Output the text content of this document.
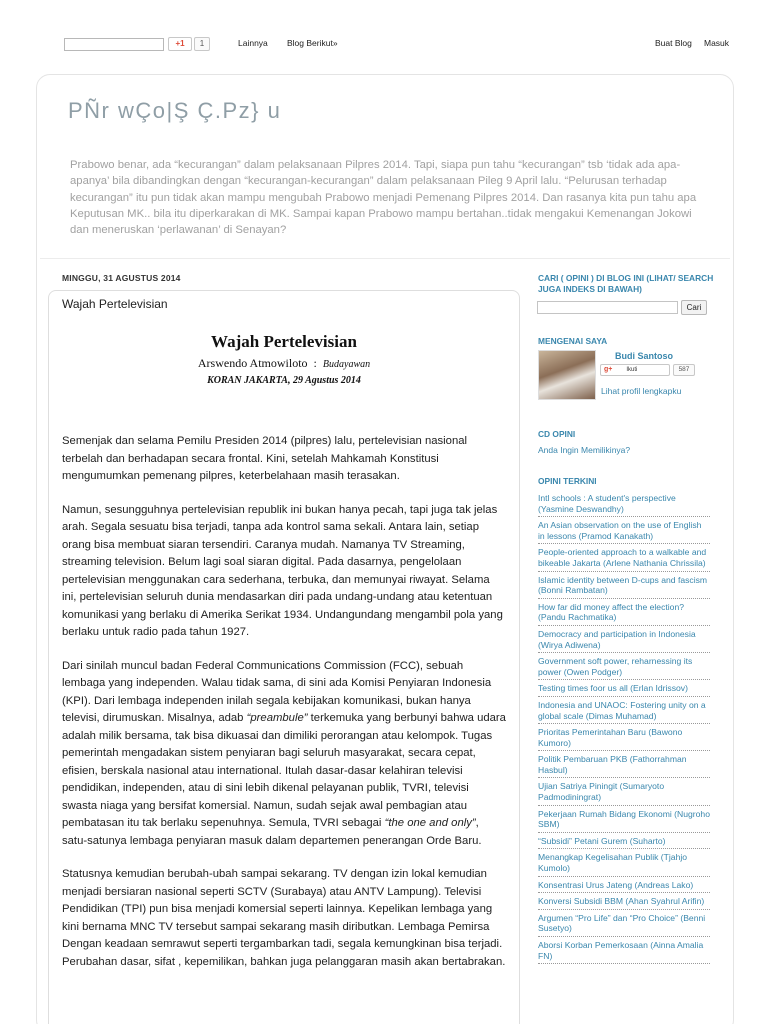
+1	1	Lainnya Blog Berikut»	Buat Blog Masuk
PÑr wÇo|Ş Ç.Pz} u
Prabowo benar, ada “kecurangan” dalam pelaksanaan Pilpres 2014. Tapi, siapa pun tahu “kecurangan” tsb ‘tidak ada apa-apanya’ bila dibandingkan dengan “kecurangan-kecurangan” dalam pelaksanaan Pileg 9 April lalu. “Pelurusan terhadap kecurangan” itu pun tidak akan mampu mengubah Prabowo menjadi Pemenang Pilpres 2014. Dan rasanya kita pun tahu apa Keputusan MK.. bila itu diperkarakan di MK. Sampai kapan Prabowo mampu bertahan..tidak mengakui Kemenangan Jokowi dan meneruskan ‘perlawanan’ di Senayan?
MINGGU, 31 AGUSTUS 2014
Wajah Pertelevisian
Wajah Pertelevisian
Arswendo Atmowiloto : Budayawan
KORAN JAKARTA, 29 Agustus 2014

Semenjak dan selama Pemilu Presiden 2014 (pilpres) lalu, pertelevisian nasional terbelah dan berhadapan secara frontal. Kini, setelah Mahkamah Konstitusi mengumumkan pemenang pilpres, keterbelahaan masih terasakan.

Namun, sesungguhnya pertelevisian republik ini bukan hanya pecah, tapi juga tak jelas arah. Segala sesuatu bisa terjadi, tanpa ada kontrol sama sekali. Antara lain, setiap orang bisa membuat siaran tersendiri. Caranya mudah. Namanya TV Streaming, streaming television. Belum lagi soal siaran digital. Pada dasarnya, pengelolaan pertelevisian menggunakan cara sederhana, terbuka, dan memunyai riwayat. Selama ini, pertelevisian seluruh dunia mendasarkan diri pada undang-undang atau ketentuan komunikasi yang berlaku di Amerika Serikat 1934. Undangundang mengambil pola yang berlaku untuk radio pada tahun 1927.

Dari sinilah muncul badan Federal Communications Commission (FCC), sebuah lembaga yang independen. Walau tidak sama, di sini ada Komisi Penyiaran Indonesia (KPI). Dari lembaga independen inilah segala kebijakan komunikasi, bukan hanya televisi, dirumuskan. Misalnya, adab “preambule” terkemuka yang berbunyi bahwa udara adalah milik bersama, tak bisa dikuasai dan dimiliki perorangan atau kelompok. Tugas pemerintah mengadakan sistem penyiaran bagi seluruh masyarakat, secara cepat, efisien, berskala nasional atau international. Itulah dasar-dasar kelahiran televisi pendidikan, independen, atau di sini lebih dikenal pelayanan publik, TVRI, televisi swasta niaga yang bersifat komersial. Namun, sudah sejak awal pembagian atau pembatasan itu tak berlaku sepenuhnya. Semula, TVRI sebagai “the one and only”, satu-satunya lembaga penyiaran masuk dalam departemen penerangan Orde Baru.

Statusnya kemudian berubah-ubah sampai sekarang. TV dengan izin lokal kemudian menjadi bersiaran nasional seperti SCTV (Surabaya) atau ANTV Lampung). Televisi Pendidikan (TPI) pun bisa menjadi komersial seperti lainnya. Kepelikan lembaga yang kini bernama MNC TV tersebut sampai sekarang masih diributkan. Lembaga Pemirsa Dengan keadaan semrawut seperti tergambarkan tadi, segala kemungkinan bisa terjadi. Perubahan dasar, sifat , kepemilikan, bahkan juga pelanggaran masih akan bertabrakan.

CARI ( OPINI ) DI BLOG INI (LIHAT/ SEARCH JUGA INDEKS DI BAWAH)
Cari
MENGENAI SAYA
Budi Santoso
g+ Ikuti	587
Lihat profil lengkapku
CD OPINI
Anda Ingin Memilikinya?
OPINI TERKINI
Intl schools : A student's perspective (Yasmine Deswandhy)
An Asian observation on the use of English in lessons (Pramod Kanakath)
People-oriented approach to a walkable and bikeable Jakarta (Arlene Nathania Chrissila)
Islamic identity between D-cups and fascism (Bonni Rambatan)
How far did money affect the election? (Pandu Rachmatika)
Democracy and participation in Indonesia (Wirya Adiwena)
Government soft power, reharnessing its power (Owen Podger)
Testing times foor us all (Erlan Idrissov)
Indonesia and UNAOC: Fostering unity on a global scale (Dimas Muhamad)
Prioritas Pemerintahan Baru (Bawono Kumoro)
Politik Pembaruan PKB (Fathorrahman Hasbul)
Ujian Satriya Piningit (Sumaryoto Padmodiningrat)
Pekerjaan Rumah Bidang Ekonomi (Nugroho SBM)
“Subsidi” Petani Gurem (Suharto)
Menangkap Kegelisahan Publik (Tjahjo Kumolo)
Konsentrasi Urus Jateng (Andreas Lako)
Konversi Subsidi BBM (Ahan Syahrul Arifin)
Argumen “Pro Life” dan “Pro Choice” (Benni Susetyo)
Aborsi Korban Pemerkosaan (Ainna Amalia FN)
